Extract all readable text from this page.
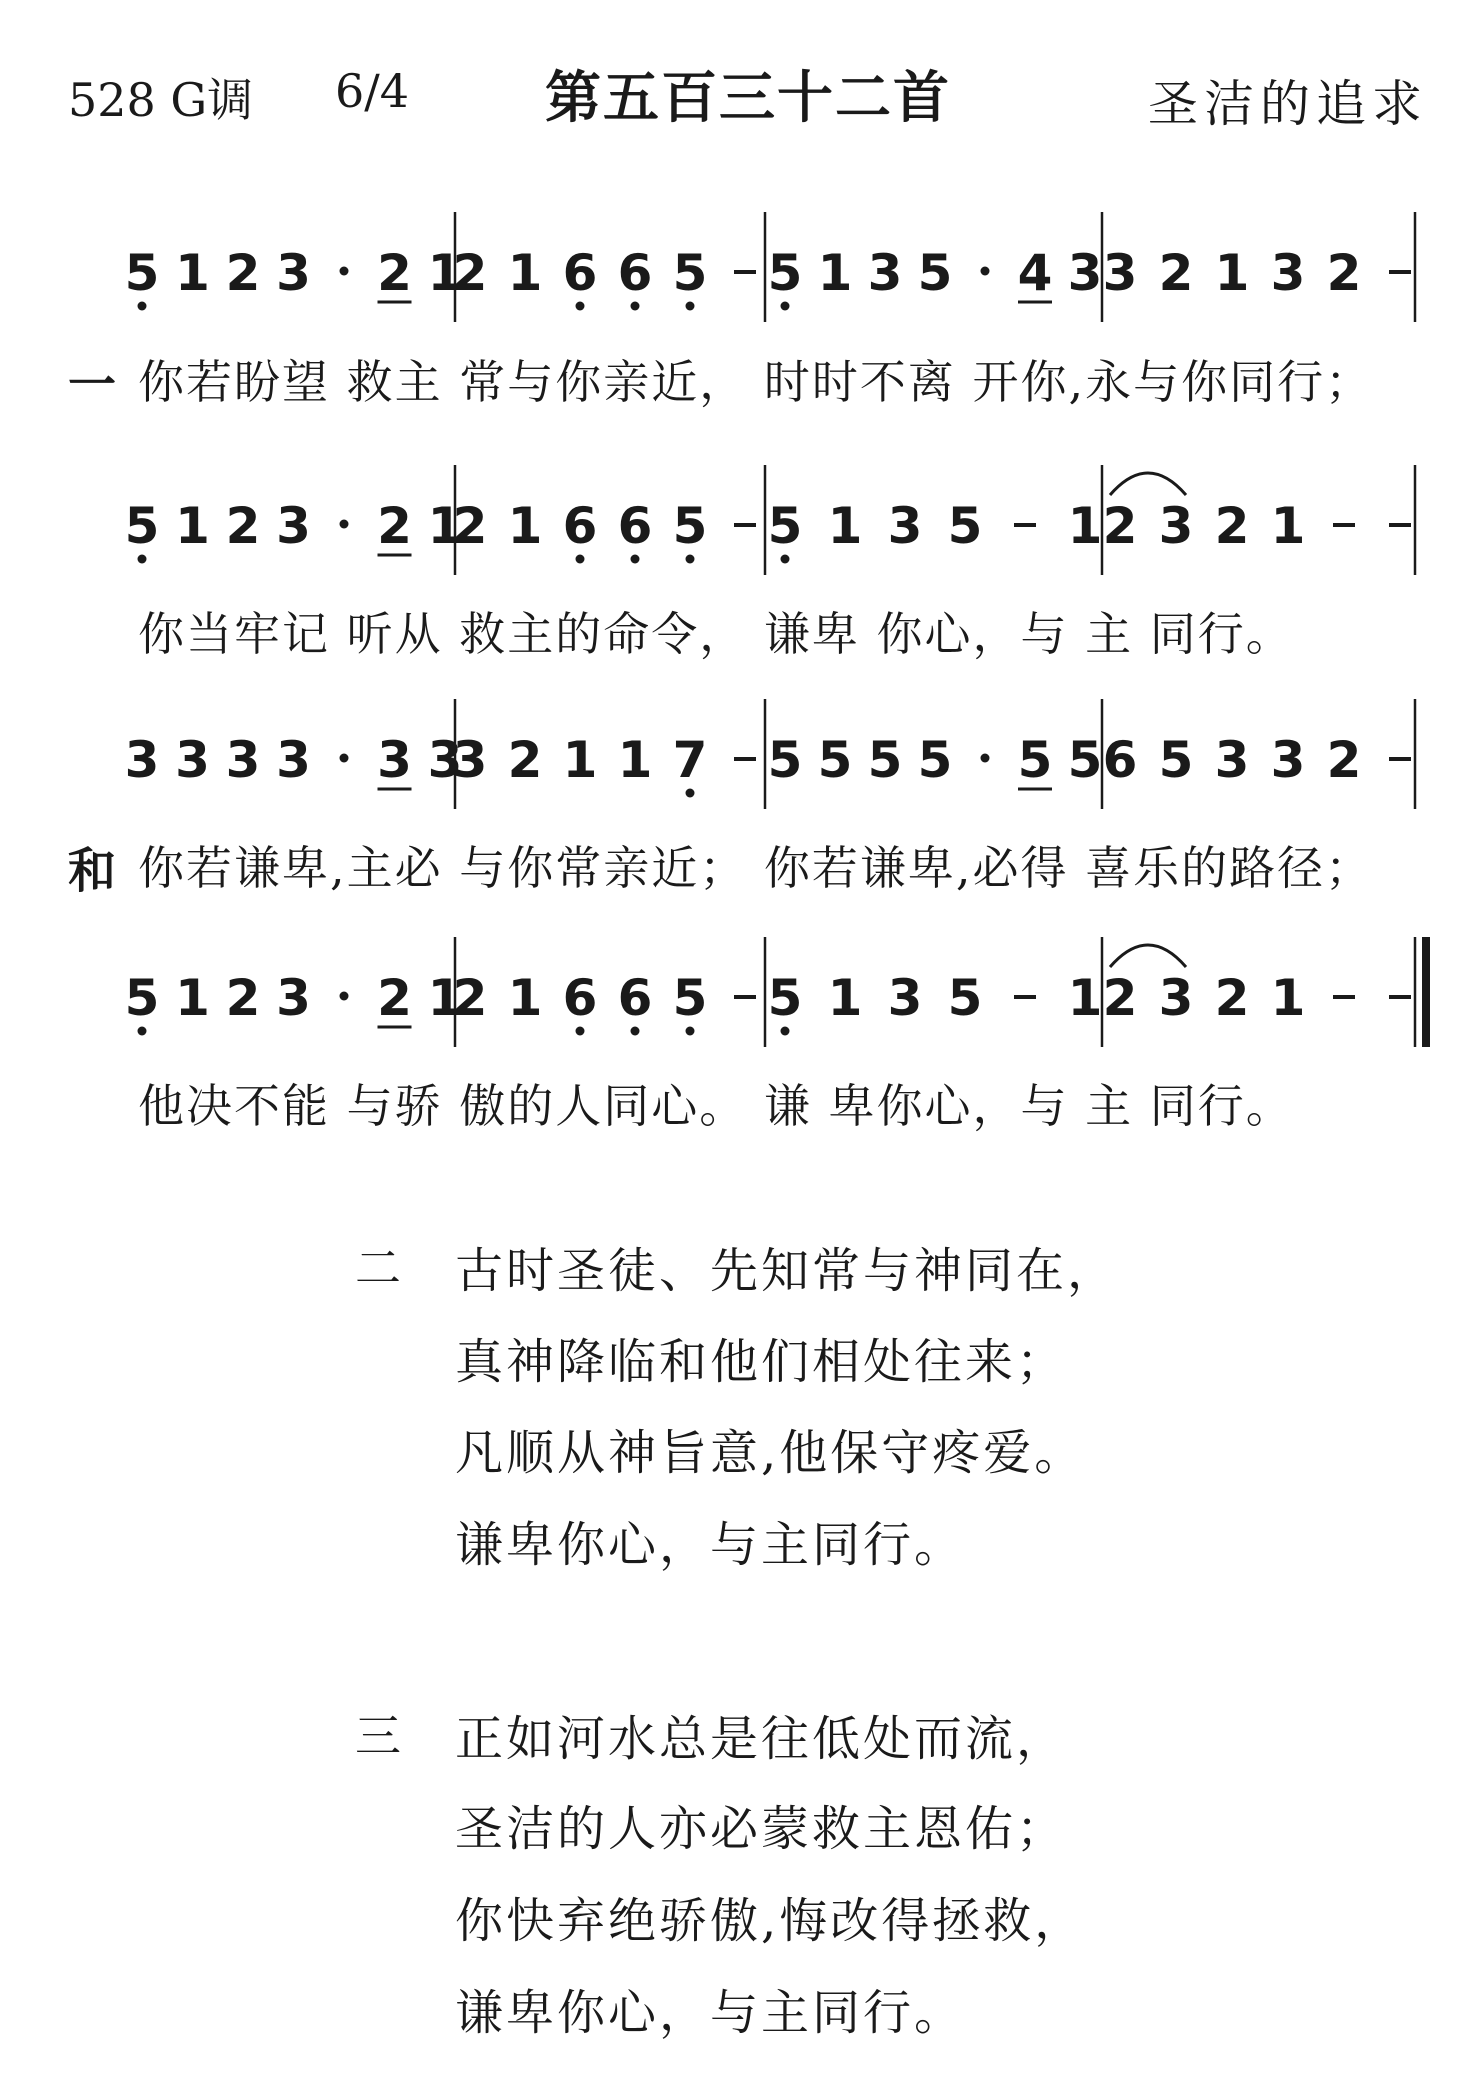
528 G调 6/4 第五百三十二首	圣洁的追求
5 1 2 3 2 1
2 1 6 6 5 5 1 3 5 4 3 3 2 1 3 2
5 1 2 3 2 1
2 1 6 6 5 5 1 3 5 1 2 3 2 1
3 3 3 3 3 3
3 2 1 1 7 5 5 5 5 5 5 6 5 3 3 2
5 1 2 3 2 1
2 1 6 6 5 5 1 3 5 1 2 3 2 1
一
和
你若盼望 救主 常与你亲近， 时时不离 开你,永与你同行；
你当牢记 听从 救主的命令， 谦卑 你心，与 主 同行。
你若谦卑,主必 与你常亲近； 你若谦卑,必得 喜乐的路径；
他决不能 与骄 傲的人同心。 谦 卑你心，与 主 同行。
二 古时圣徒、先知常与神同在，
真神降临和他们相处往来；
凡顺从神旨意,他保守疼爱。
谦卑你心，与主同行。
三 正如河水总是往低处而流，
圣洁的人亦必蒙救主恩佑；
你快弃绝骄傲,悔改得拯救，
谦卑你心，与主同行。
